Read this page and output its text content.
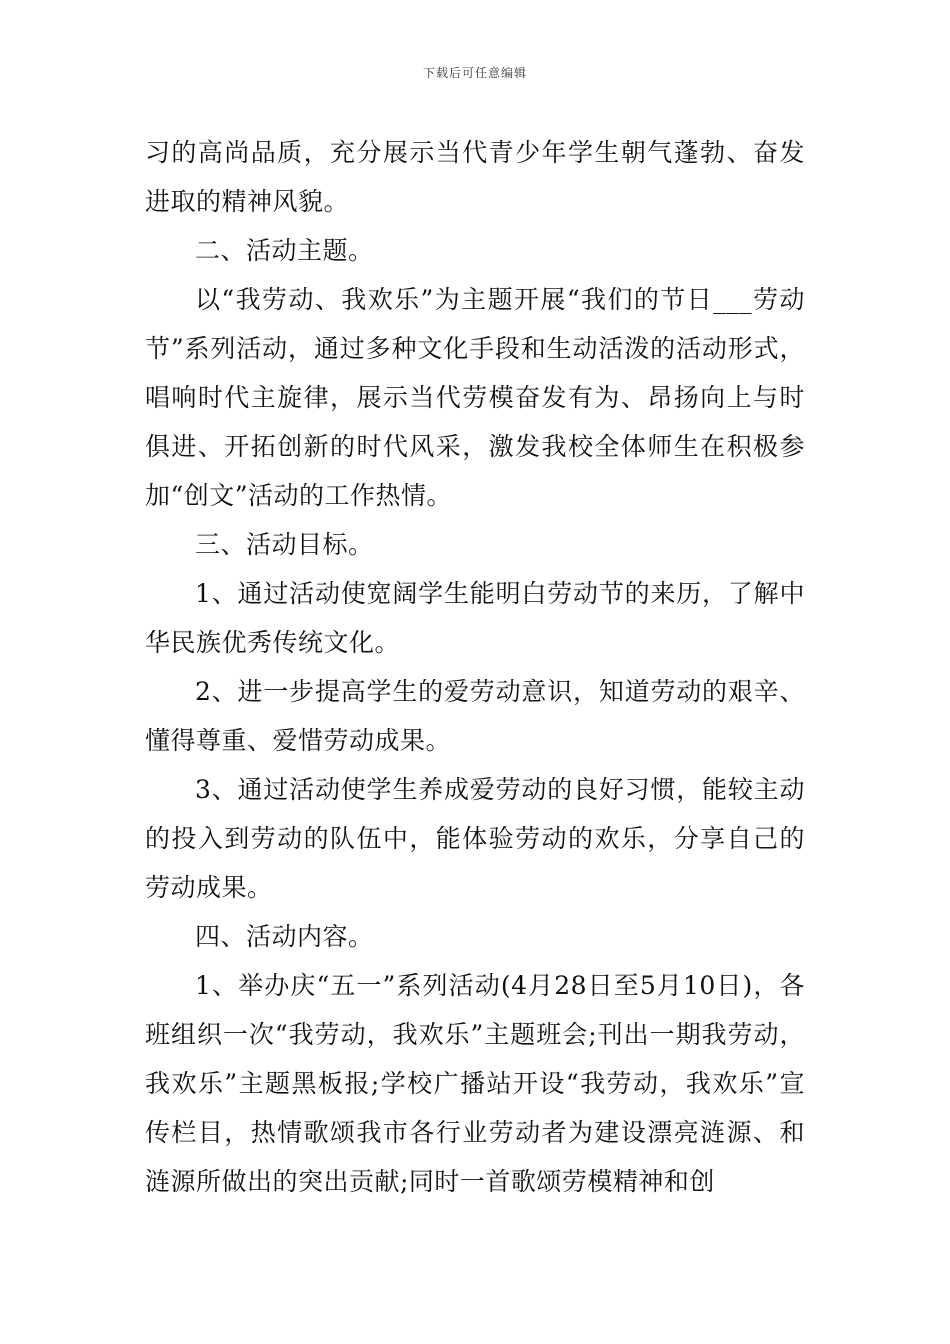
下载后可任意编辑

习的高尚品质，充分展示当代青少年学生朝气蓬勃、奋发进取的精神风貌。

二、活动主题。

以“我劳动、我欢乐”为主题开展“我们的节日___劳动节”系列活动，通过多种文化手段和生动活泼的活动形式，唱响时代主旋律，展示当代劳模奋发有为、昂扬向上与时俱进、开拓创新的时代风采，激发我校全体师生在积极参加“创文”活动的工作热情。

三、活动目标。

1、通过活动使宽阔学生能明白劳动节的来历，了解中华民族优秀传统文化。

2、进一步提高学生的爱劳动意识，知道劳动的艰辛、懂得尊重、爱惜劳动成果。

3、通过活动使学生养成爱劳动的良好习惯，能较主动的投入到劳动的队伍中，能体验劳动的欢乐，分享自己的劳动成果。

四、活动内容。

1、举办庆“五一”系列活动(4月28日至5月10日)，各班组织一次“我劳动，我欢乐”主题班会;刊出一期我劳动，我欢乐”主题黑板报;学校广播站开设“我劳动，我欢乐”宣传栏目，热情歌颂我市各行业劳动者为建设漂亮涟源、和涟源所做出的突出贡献;同时一首歌颂劳模精神和创
